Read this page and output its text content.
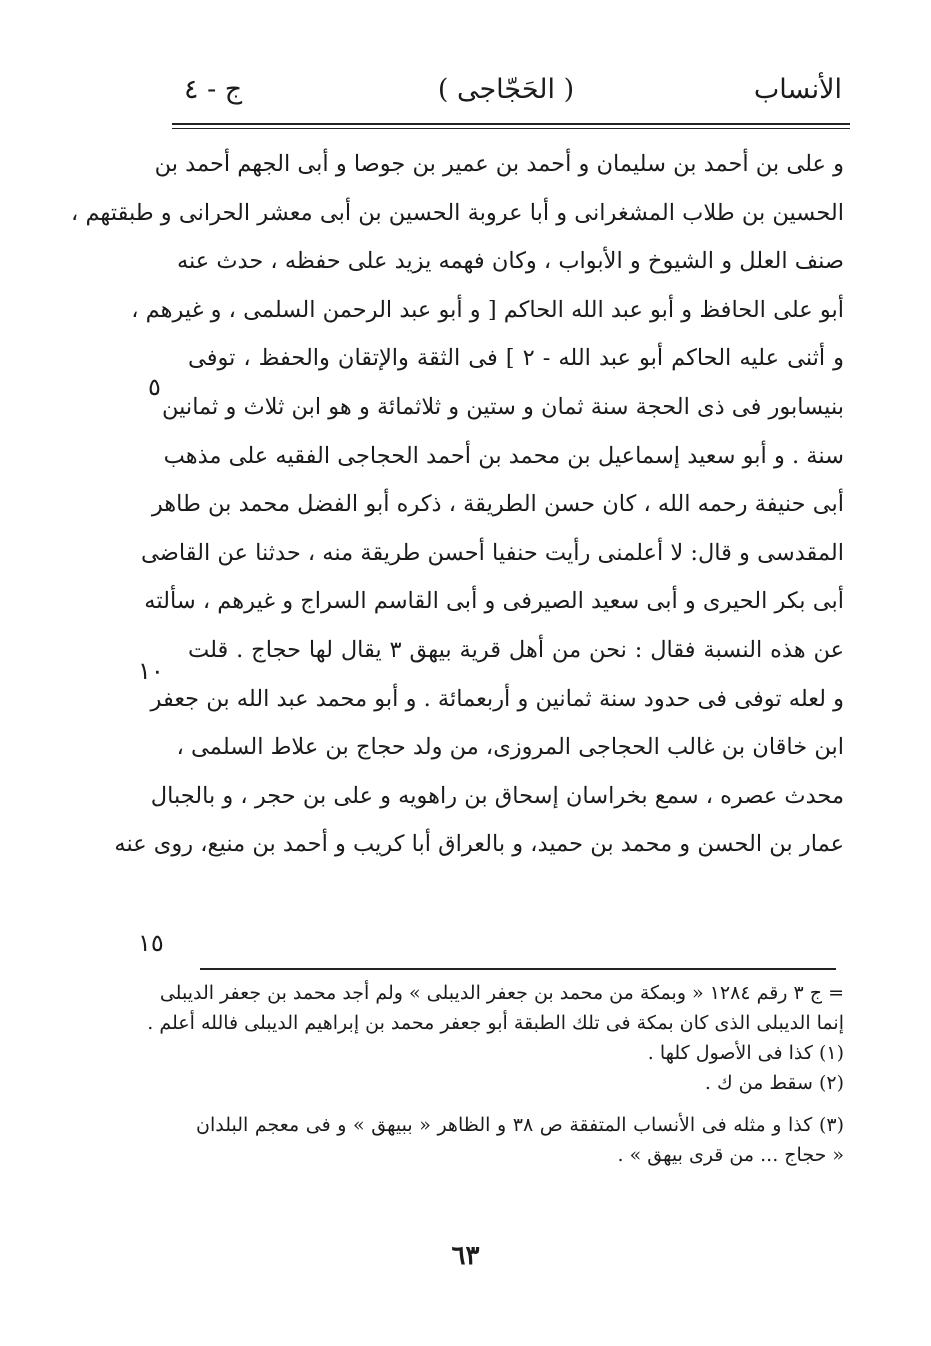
الأنساب
( الحَجّاجى )
ج - ٤
و على بن أحمد بن سليمان و أحمد بن عمير بن جوصا و أبى الجهم أحمد بن
الحسين بن طلاب المشغرانى و أبا عروبة الحسين بن أبى معشر الحرانى و طبقتهم ،
صنف العلل و الشيوخ و الأبواب ، وكان فهمه يزيد على حفظه ، حدث عنه
أبو على الحافظ و أبو عبد الله الحاكم [ و أبو عبد الرحمن السلمى ، و غيرهم ،
و أثنى عليه الحاكم أبو عبد الله - ٢ ] فى الثقة والإتقان والحفظ ، توفى
بنيسابور فى ذى الحجة سنة ثمان و ستين و ثلاثمائة و هو ابن ثلاث و ثمانين
سنة . و أبو سعيد إسماعيل بن محمد بن أحمد الحجاجى الفقيه على مذهب
أبى حنيفة رحمه الله ، كان حسن الطريقة ، ذكره أبو الفضل محمد بن طاهر
المقدسى و قال: لا أعلمنى رأيت حنفيا أحسن طريقة منه ، حدثنا عن القاضى
أبى بكر الحيرى و أبى سعيد الصيرفى و أبى القاسم السراج و غيرهم ، سألته
عن هذه النسبة فقال : نحن من أهل قرية بيهق ٣ يقال لها حجاج . قلت
و لعله توفى فى حدود سنة ثمانين و أربعمائة . و أبو محمد عبد الله بن جعفر
ابن خاقان بن غالب الحجاجى المروزى، من ولد حجاج بن علاط السلمى ،
محدث عصره ، سمع بخراسان إسحاق بن راهويه و على بن حجر ، و بالجبال
عمار بن الحسن و محمد بن حميد، و بالعراق أبا كريب و أحمد بن منيع، روى عنه
٥
١٠
١٥
= ج ٣ رقم ١٢٨٤ « وبمكة من محمد بن جعفر الديبلى » ولم أجد محمد بن جعفر الديبلى
إنما الديبلى الذى كان بمكة فى تلك الطبقة أبو جعفر محمد بن إبراهيم الديبلى فالله أعلم .
(١) كذا فى الأصول كلها .
(٢) سقط من ك .
(٣) كذا و مثله فى الأنساب المتفقة ص ٣٨ و الظاهر « ببيهق » و فى معجم البلدان
« حجاج ... من قرى بيهق » .
٦٣
